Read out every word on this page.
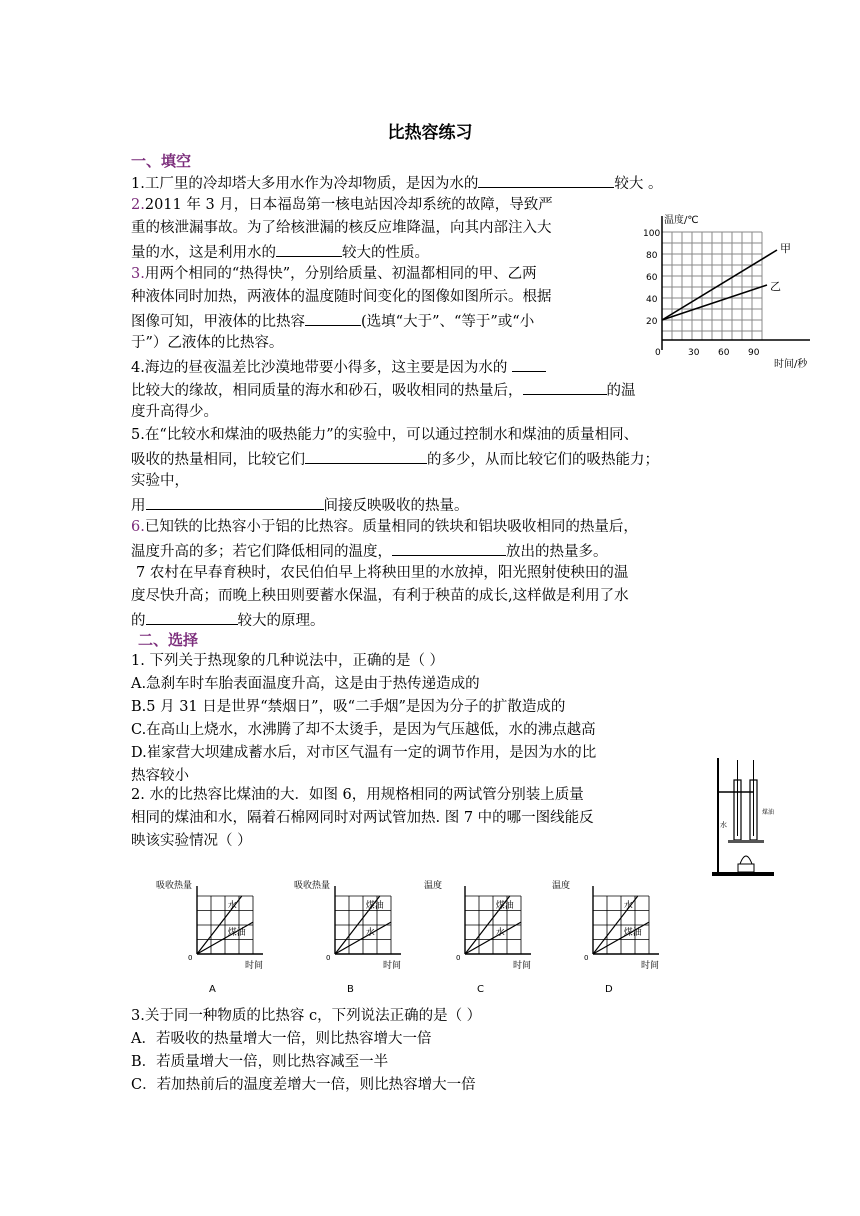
比热容练习
一、填空
1.工厂里的冷却塔大多用水作为冷却物质，是因为水的	较大 。
2.2011 年 3 月，日本福岛第一核电站因冷却系统的故障，导致严
重的核泄漏事故。为了给核泄漏的核反应堆降温，向其内部注入大
量的水，这是利用水的	较大的性质。
3.用两个相同的“热得快”，分别给质量、初温都相同的甲、乙两
种液体同时加热，两液体的温度随时间变化的图像如图所示。根据
图像可知，甲液体的比热容	(选填“大于”、“等于”或“小
于”）乙液体的比热容。
温度/℃
时间/秒
100
80
60
40
20
0	30 60 90
甲
乙
4.海边的昼夜温差比沙漠地带要小得多，这主要是因为水的
比较大的缘故，相同质量的海水和砂石，吸收相同的热量后，	的温
度升高得少。
5.在“比较水和煤油的吸热能力”的实验中，可以通过控制水和煤油的质量相同、
吸收的热量相同，比较它们	的多少，从而比较它们的吸热能力；
实验中，
用	间接反映吸收的热量。
6.已知铁的比热容小于铝的比热容。质量相同的铁块和铝块吸收相同的热量后，
温度升高的多；若它们降低相同的温度，	放出的热量多。
7 农村在早春育秧时，农民伯伯早上将秧田里的水放掉，阳光照射使秧田的温
度尽快升高；而晚上秧田则要蓄水保温，有利于秧苗的成长,这样做是利用了水
的	较大的原理。
二、选择
1. 下列关于热现象的几种说法中，正确的是（ ）
A.急刹车时车胎表面温度升高，这是由于热传递造成的
B.5 月 31 日是世界“禁烟日”，吸“二手烟”是因为分子的扩散造成的
C.在高山上烧水，水沸腾了却不太烫手，是因为气压越低，水的沸点越高
D.崔家营大坝建成蓄水后，对市区气温有一定的调节作用，是因为水的比
热容较小
2. 水的比热容比煤油的大．如图 6，用规格相同的两试管分别装上质量
相同的煤油和水，隔着石棉网同时对两试管加热. 图 7 中的哪一图线能反
映该实验情况（ ）
水
煤油
吸收热量
时间
0
水
煤油
A
吸收热量
时间
0
煤油
水
B
温度
时间
0
煤油
水
C
温度
时间
0
水
煤油
D
3.关于同一种物质的比热容 c，下列说法正确的是（ ）
A．若吸收的热量增大一倍，则比热容增大一倍
B．若质量增大一倍，则比热容减至一半
C．若加热前后的温度差增大一倍，则比热容增大一倍
